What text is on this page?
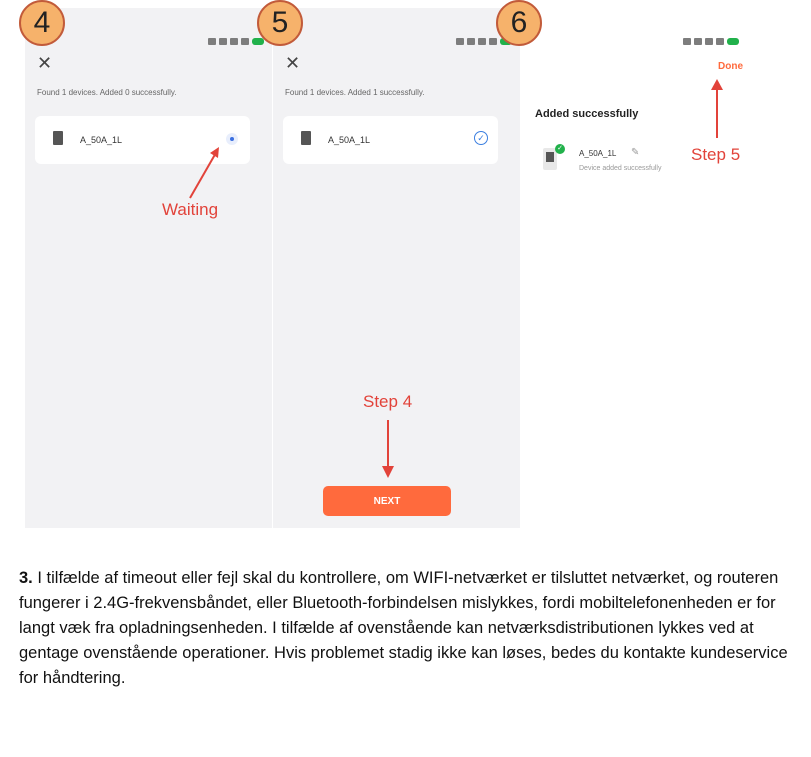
✕
Found 1 devices. Added 0 successfully.
A_50A_1L
Waiting
4
✕
Found 1 devices. Added 1 successfully.
A_50A_1L	✓
Step 4
NEXT
5
Done
Added successfully
✓
A_50A_1L ✎
Device added successfully
Step 5
6
3. I tilfælde af timeout eller fejl skal du kontrollere, om WIFI-netværket er tilsluttet netværket, og routeren fungerer i 2.4G-frekvensbåndet, eller Bluetooth-forbindelsen mislykkes, fordi mobiltelefonenheden er for langt væk fra opladningsenheden. I tilfælde af ovenstående kan netværksdistributionen lykkes ved at gentage ovenstående operationer. Hvis problemet stadig ikke kan løses, bedes du kontakte kundeservice for håndtering.
